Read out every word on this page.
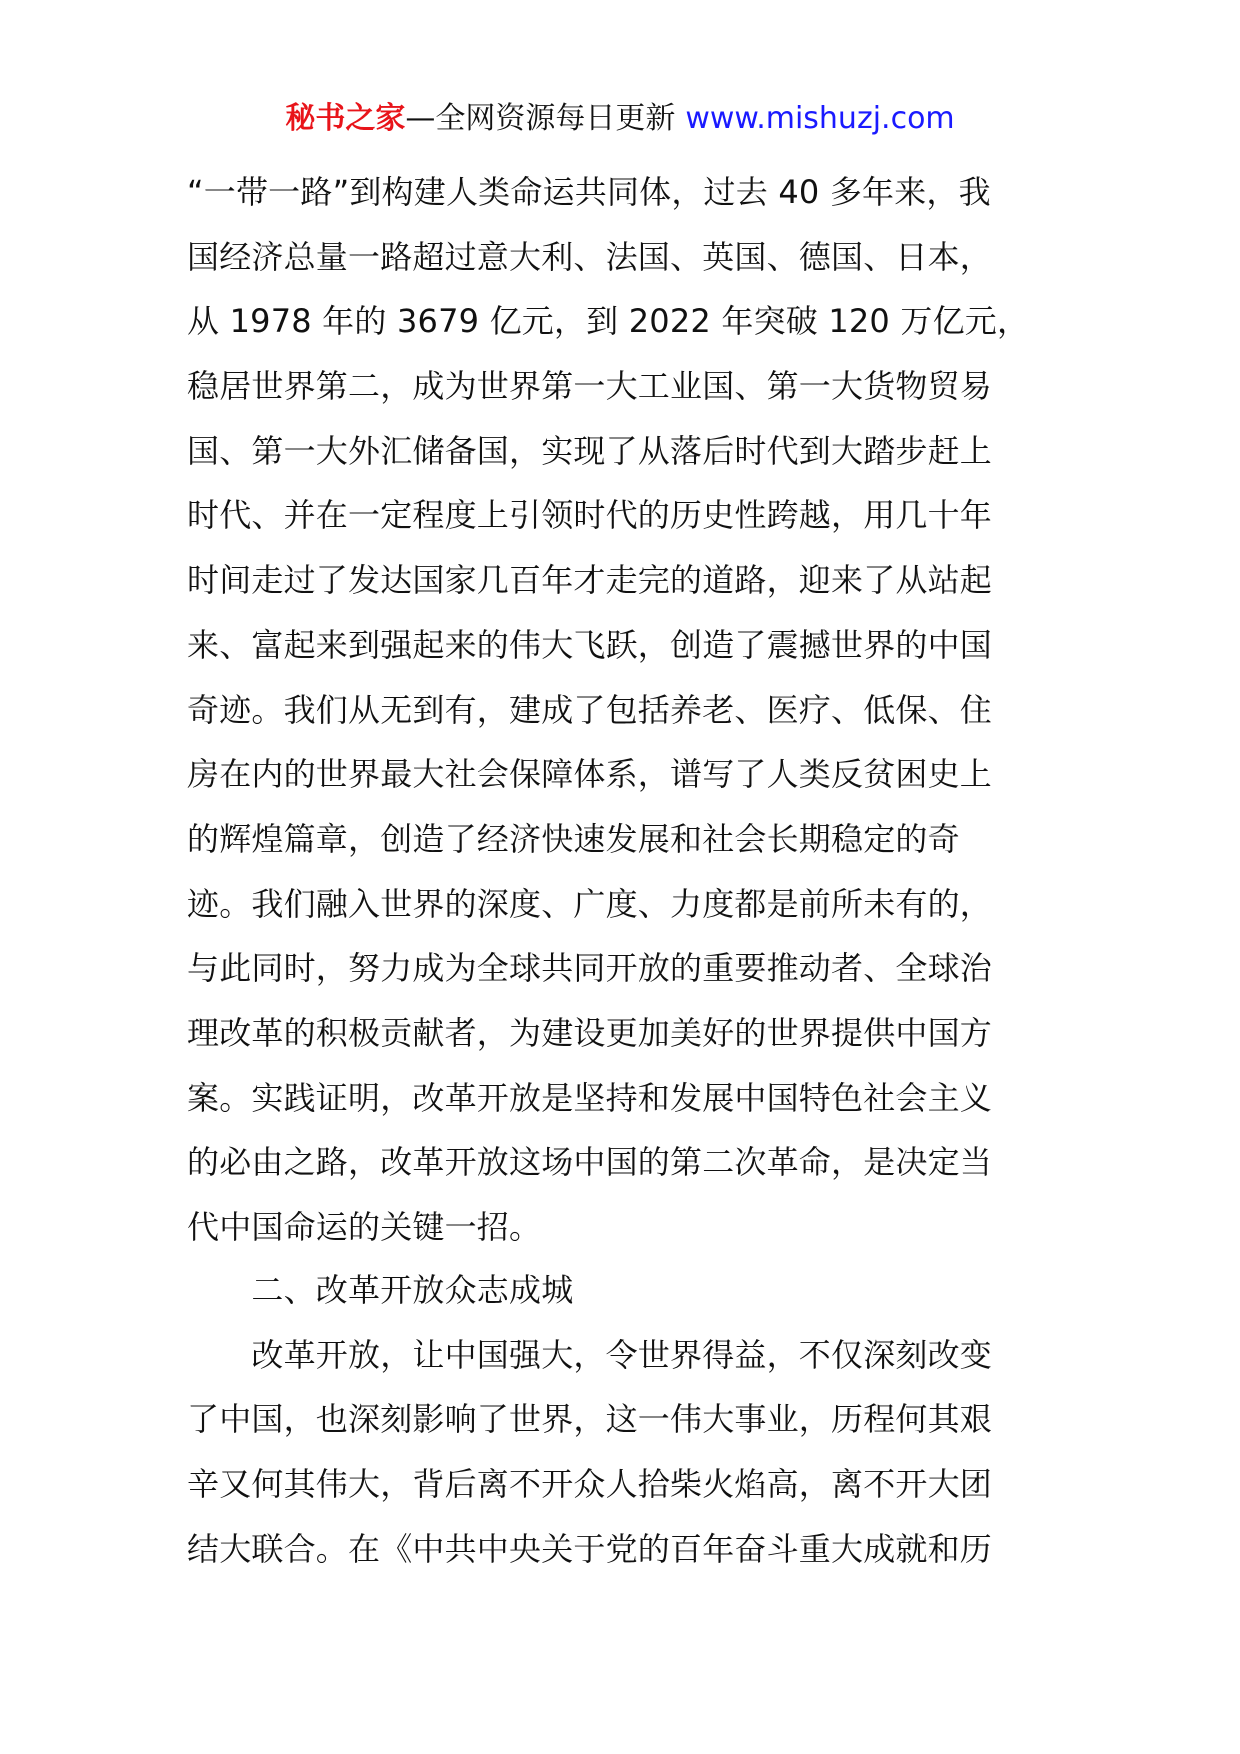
秘书之家—全网资源每日更新 www.mishuzj.com
“一带一路”到构建人类命运共同体，过去 40 多年来，我
国经济总量一路超过意大利、法国、英国、德国、日本，
从 1978 年的 3679 亿元，到 2022 年突破 120 万亿元，
稳居世界第二，成为世界第一大工业国、第一大货物贸易
国、第一大外汇储备国，实现了从落后时代到大踏步赶上
时代、并在一定程度上引领时代的历史性跨越，用几十年
时间走过了发达国家几百年才走完的道路，迎来了从站起
来、富起来到强起来的伟大飞跃，创造了震撼世界的中国
奇迹。我们从无到有，建成了包括养老、医疗、低保、住
房在内的世界最大社会保障体系，谱写了人类反贫困史上
的辉煌篇章，创造了经济快速发展和社会长期稳定的奇
迹。我们融入世界的深度、广度、力度都是前所未有的，
与此同时，努力成为全球共同开放的重要推动者、全球治
理改革的积极贡献者，为建设更加美好的世界提供中国方
案。实践证明，改革开放是坚持和发展中国特色社会主义
的必由之路，改革开放这场中国的第二次革命，是决定当
代中国命运的关键一招。
　　二、改革开放众志成城
　　改革开放，让中国强大，令世界得益，不仅深刻改变
了中国，也深刻影响了世界，这一伟大事业，历程何其艰
辛又何其伟大，背后离不开众人拾柴火焰高，离不开大团
结大联合。在《中共中央关于党的百年奋斗重大成就和历
